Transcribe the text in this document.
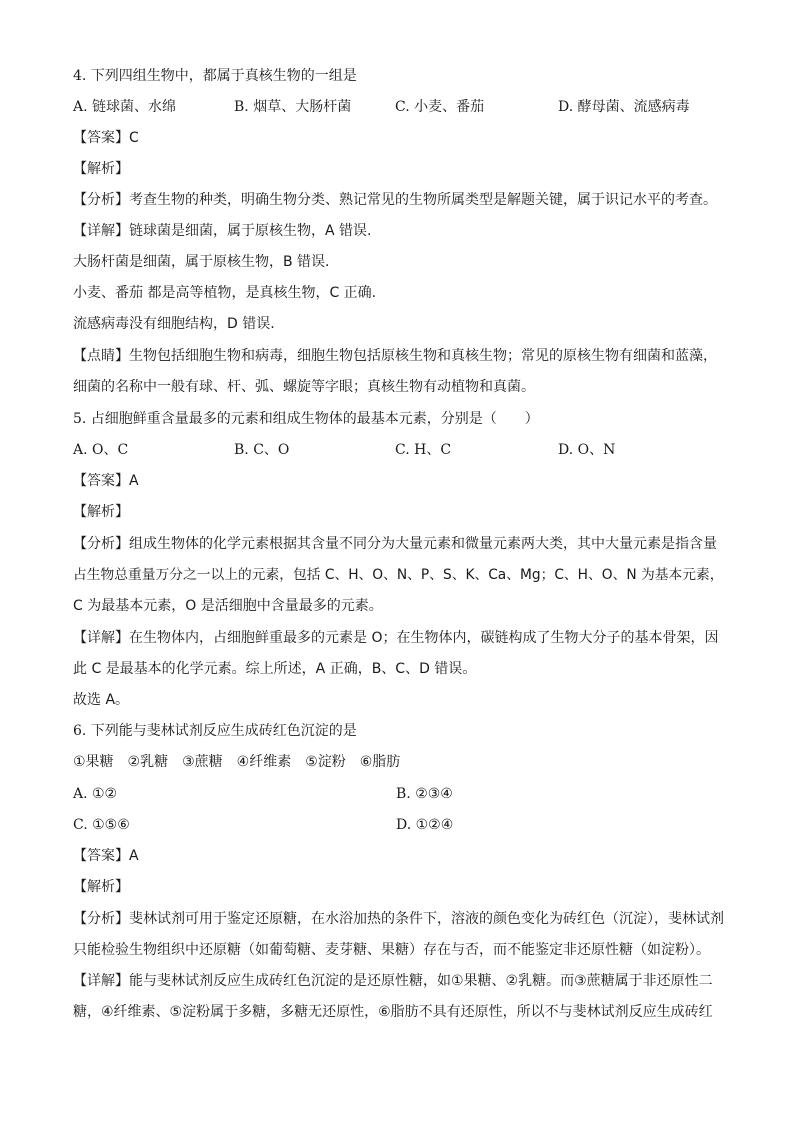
4. 下列四组生物中，都属于真核生物的一组是
A. 链球菌、水绵	B. 烟草、大肠杆菌	C. 小麦、番茄	D. 酵母菌、流感病毒
【答案】C
【解析】
【分析】考查生物的种类，明确生物分类、熟记常见的生物所属类型是解题关键，属于识记水平的考查。
【详解】链球菌是细菌，属于原核生物，A 错误.
大肠杆菌是细菌，属于原核生物，B 错误.
小麦、番茄 都是高等植物，是真核生物，C 正确.
流感病毒没有细胞结构，D 错误.
【点睛】生物包括细胞生物和病毒，细胞生物包括原核生物和真核生物；常见的原核生物有细菌和蓝藻，
细菌的名称中一般有球、杆、弧、螺旋等字眼；真核生物有动植物和真菌。
5. 占细胞鲜重含量最多的元素和组成生物体的最基本元素，分别是（　　）
A. O、C	B. C、O	C. H、C	D. O、N
【答案】A
【解析】
【分析】组成生物体的化学元素根据其含量不同分为大量元素和微量元素两大类，其中大量元素是指含量
占生物总重量万分之一以上的元素，包括 C、H、O、N、P、S、K、Ca、Mg；C、H、O、N 为基本元素，
C 为最基本元素，O 是活细胞中含量最多的元素。
【详解】在生物体内，占细胞鲜重最多的元素是 O；在生物体内，碳链构成了生物大分子的基本骨架，因
此 C 是最基本的化学元素。综上所述，A 正确，B、C、D 错误。
故选 A。
6. 下列能与斐林试剂反应生成砖红色沉淀的是
①果糖　②乳糖　③蔗糖　④纤维素　⑤淀粉　⑥脂肪
A. ①②	B. ②③④
C. ①⑤⑥	D. ①②④
【答案】A
【解析】
【分析】斐林试剂可用于鉴定还原糖，在水浴加热的条件下，溶液的颜色变化为砖红色（沉淀），斐林试剂
只能检验生物组织中还原糖（如葡萄糖、麦芽糖、果糖）存在与否，而不能鉴定非还原性糖（如淀粉）。
【详解】能与斐林试剂反应生成砖红色沉淀的是还原性糖，如①果糖、②乳糖。而③蔗糖属于非还原性二
糖，④纤维素、⑤淀粉属于多糖，多糖无还原性，⑥脂肪不具有还原性，所以不与斐林试剂反应生成砖红
